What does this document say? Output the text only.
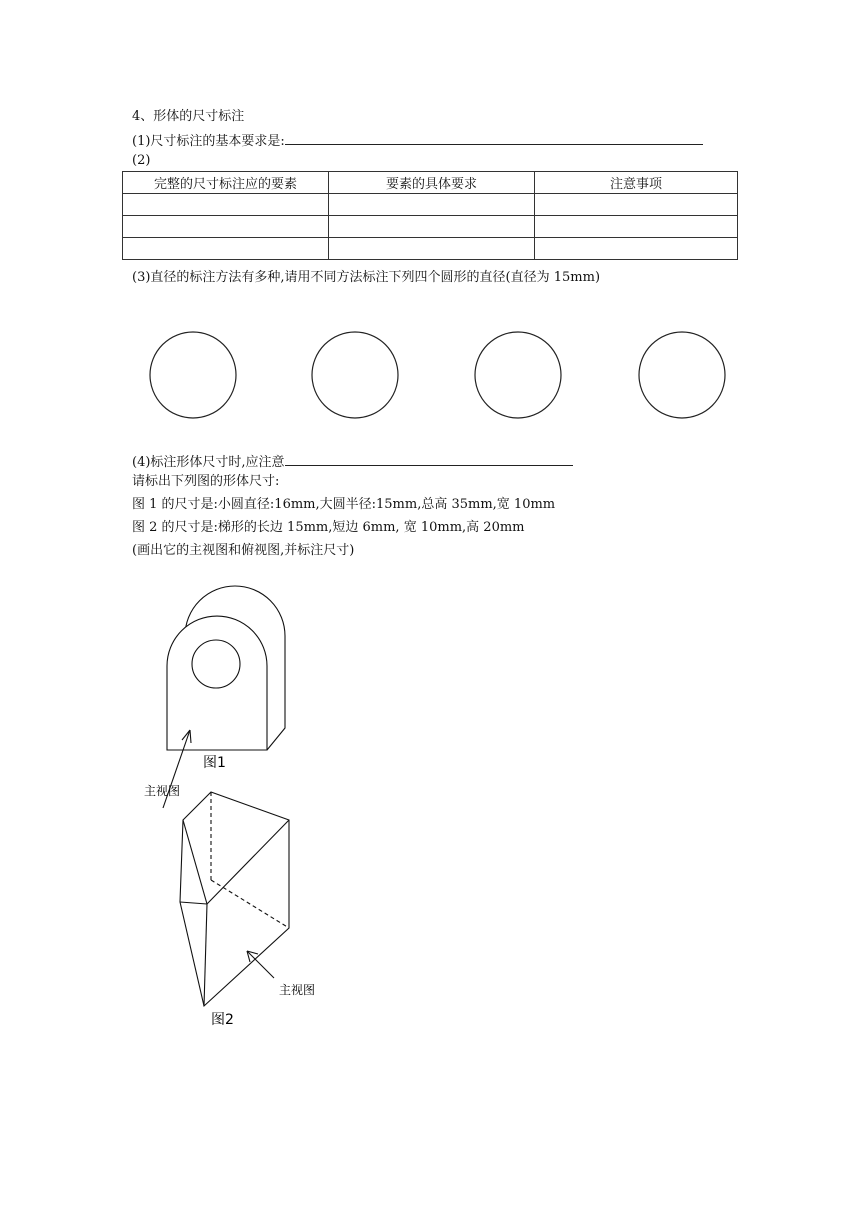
4、形体的尺寸标注
(1)尺寸标注的基本要求是:
(2)
完整的尺寸标注应的要素	要素的具体要求	注意事项

(3)直径的标注方法有多种,请用不同方法标注下列四个圆形的直径(直径为 15mm)
(4)标注形体尺寸时,应注意
请标出下列图的形体尺寸:
图 1 的尺寸是:小圆直径:16mm,大圆半径:15mm,总高 35mm,宽 10mm
图 2 的尺寸是:梯形的长边 15mm,短边 6mm, 宽 10mm,高 20mm
(画出它的主视图和俯视图,并标注尺寸)
图1
主视图
主视图
图2
